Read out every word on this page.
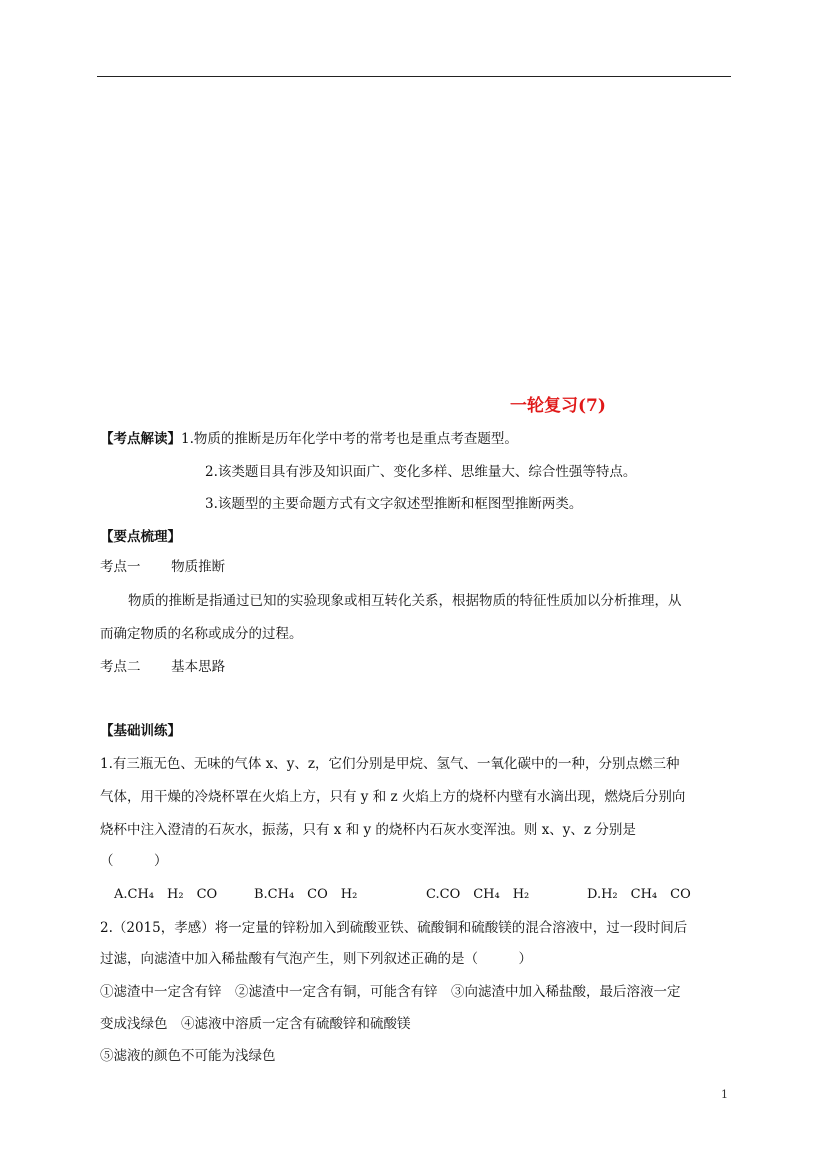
一轮复习(7)
【考点解读】1.物质的推断是历年化学中考的常考也是重点考查题型。
2.该类题目具有涉及知识面广、变化多样、思维量大、综合性强等特点。
3.该题型的主要命题方式有文字叙述型推断和框图型推断两类。
【要点梳理】
考点一 物质推断
物质的推断是指通过已知的实验现象或相互转化关系，根据物质的特征性质加以分析推理，从
而确定物质的名称或成分的过程。
考点二 基本思路
【基础训练】
1.有三瓶无色、无味的气体 x、y、z，它们分别是甲烷、氢气、一氧化碳中的一种，分别点燃三种
气体，用干燥的冷烧杯罩在火焰上方，只有 y 和 z 火焰上方的烧杯内壁有水滴出现，燃烧后分别向
烧杯中注入澄清的石灰水，振荡，只有 x 和 y 的烧杯内石灰水变浑浊。则 x、y、z 分别是
（　　　）
A.CH₄　H₂　CO	B.CH₄　CO　H₂	C.CO　CH₄　H₂	D.H₂　CH₄　CO
2.（2015，孝感）将一定量的锌粉加入到硫酸亚铁、硫酸铜和硫酸镁的混合溶液中，过一段时间后
过滤，向滤渣中加入稀盐酸有气泡产生，则下列叙述正确的是（　　　）
①滤渣中一定含有锌　②滤渣中一定含有铜，可能含有锌　③向滤渣中加入稀盐酸，最后溶液一定
变成浅绿色　④滤液中溶质一定含有硫酸锌和硫酸镁
⑤滤液的颜色不可能为浅绿色
1
